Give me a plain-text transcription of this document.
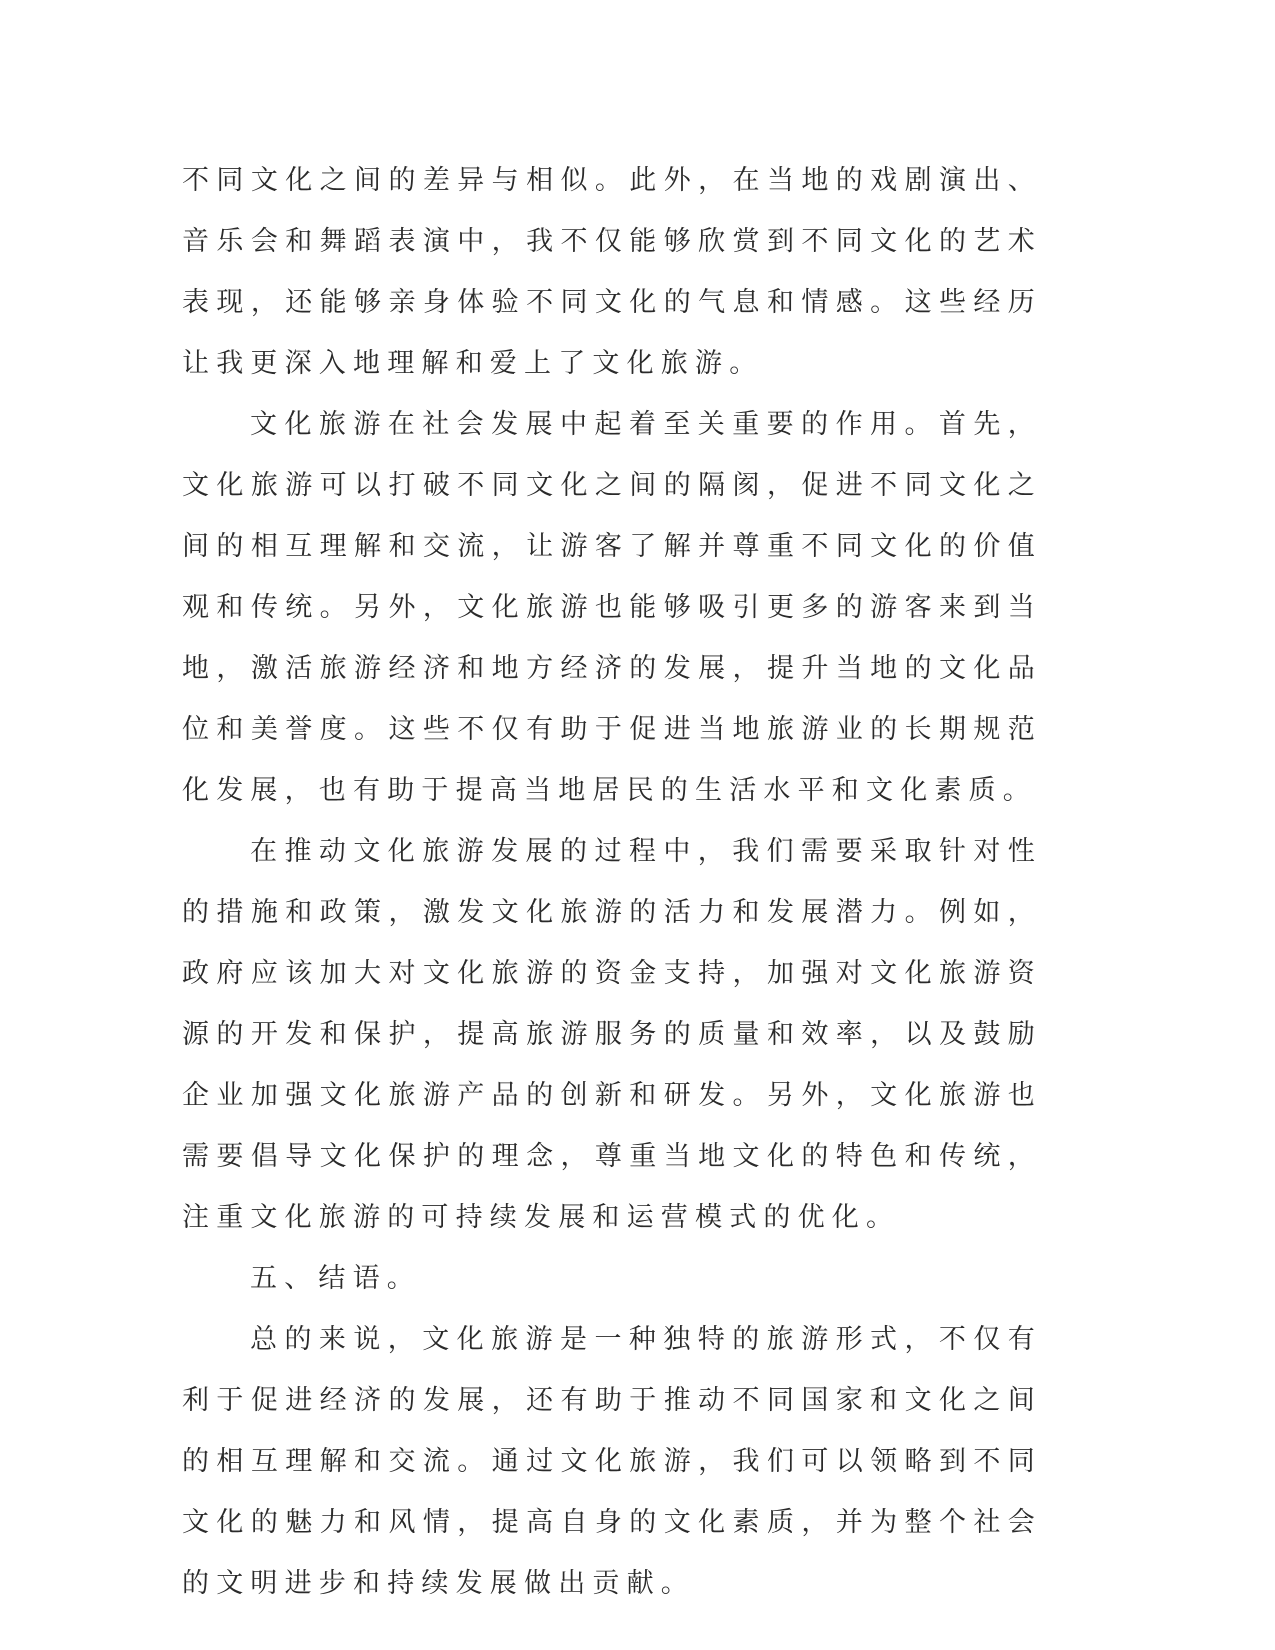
不同文化之间的差异与相似。此外，在当地的戏剧演出、音乐会和舞蹈表演中，我不仅能够欣赏到不同文化的艺术表现，还能够亲身体验不同文化的气息和情感。这些经历让我更深入地理解和爱上了文化旅游。

文化旅游在社会发展中起着至关重要的作用。首先，文化旅游可以打破不同文化之间的隔阂，促进不同文化之间的相互理解和交流，让游客了解并尊重不同文化的价值观和传统。另外，文化旅游也能够吸引更多的游客来到当地，激活旅游经济和地方经济的发展，提升当地的文化品位和美誉度。这些不仅有助于促进当地旅游业的长期规范化发展，也有助于提高当地居民的生活水平和文化素质。

在推动文化旅游发展的过程中，我们需要采取针对性的措施和政策，激发文化旅游的活力和发展潜力。例如，政府应该加大对文化旅游的资金支持，加强对文化旅游资源的开发和保护，提高旅游服务的质量和效率，以及鼓励企业加强文化旅游产品的创新和研发。另外，文化旅游也需要倡导文化保护的理念，尊重当地文化的特色和传统，注重文化旅游的可持续发展和运营模式的优化。

五、结语。

总的来说，文化旅游是一种独特的旅游形式，不仅有利于促进经济的发展，还有助于推动不同国家和文化之间的相互理解和交流。通过文化旅游，我们可以领略到不同文化的魅力和风情，提高自身的文化素质，并为整个社会的文明进步和持续发展做出贡献。
